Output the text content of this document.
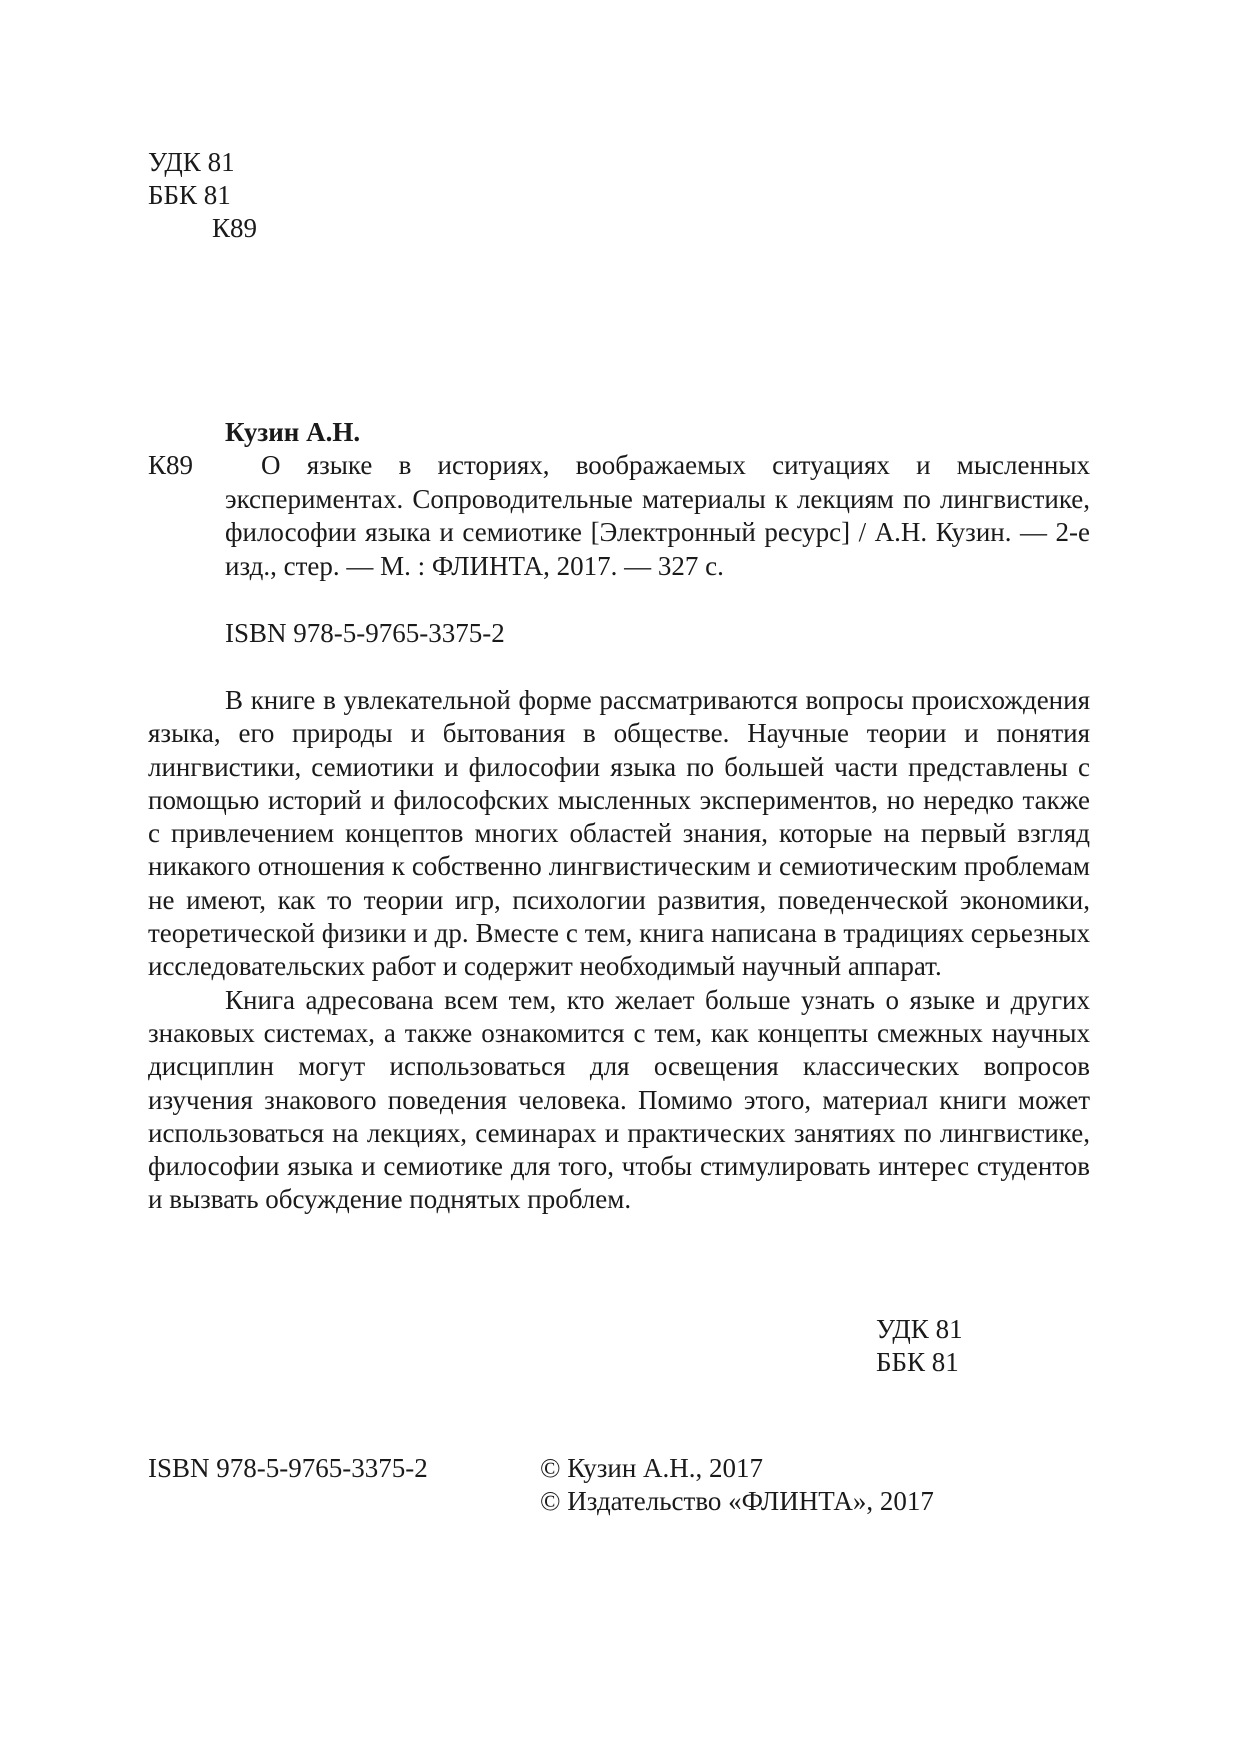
УДК 81
ББК 81
К89
Кузин А.Н.
К89	О языке в историях, воображаемых ситуациях и мысленных экспериментах. Сопроводительные материалы к лекциям по лингвистике, философии языка и семиотике [Электронный ресурс] / А.Н. Кузин. — 2-е изд., стер. — М. : ФЛИНТА, 2017. — 327 с.
ISBN 978-5-9765-3375-2

В книге в увлекательной форме рассматриваются вопросы происхождения языка, его природы и бытования в обществе. Научные теории и понятия лингвистики, семиотики и философии языка по большей части представлены с помощью историй и философских мысленных экспериментов, но нередко также с привлечением концептов многих областей знания, которые на первый взгляд никакого отношения к собственно лингвистическим и семиотическим проблемам не имеют, как то теории игр, психологии развития, поведенческой экономики, теоретической физики и др. Вместе с тем, книга написана в традициях серьезных исследовательских работ и содержит необходимый научный аппарат.

Книга адресована всем тем, кто желает больше узнать о языке и других знаковых системах, а также ознакомится с тем, как концепты смежных научных дисциплин могут использоваться для освещения классических вопросов изучения знакового поведения человека. Помимо этого, материал книги может использоваться на лекциях, семинарах и практических занятиях по лингвистике, философии языка и семиотике для того, чтобы стимулировать интерес студентов и вызвать обсуждение поднятых проблем.

УДК 81
ББК 81
ISBN 978-5-9765-3375-2	© Кузин А.Н., 2017
© Издательство «ФЛИНТА», 2017
